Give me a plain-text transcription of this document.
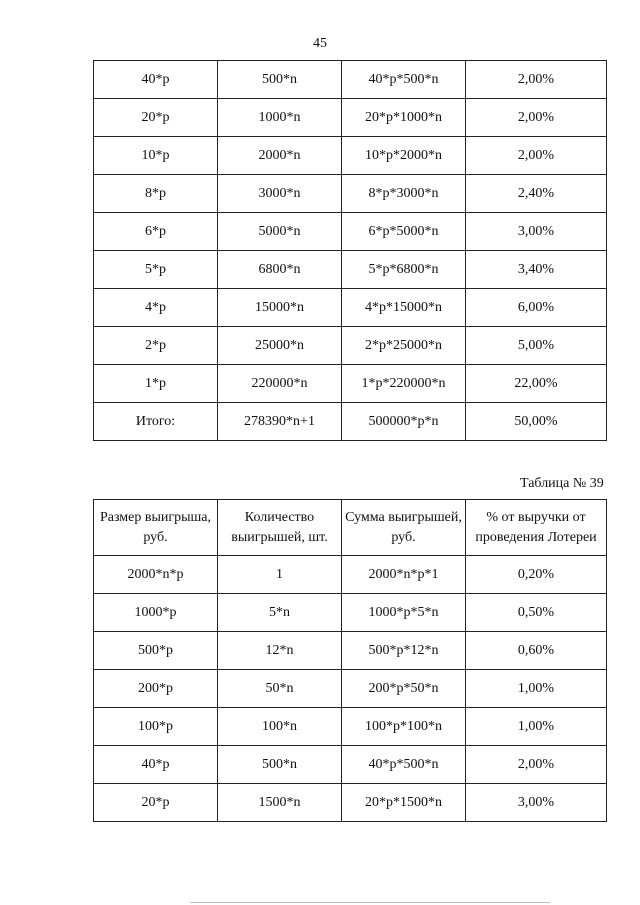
45
40*р	500*n	40*р*500*n	2,00%
20*р	1000*n	20*р*1000*n	2,00%
10*р	2000*n	10*р*2000*n	2,00%
8*р	3000*n	8*р*3000*n	2,40%
6*р	5000*n	6*р*5000*n	3,00%
5*р	6800*n	5*р*6800*n	3,40%
4*р	15000*n	4*р*15000*n	6,00%
2*р	25000*n	2*р*25000*n	5,00%
1*р	220000*n	1*р*220000*n	22,00%
Итого:	278390*n+1	500000*р*n	50,00%
Таблица № 39
Размер выигрыша, руб.	Количество выигрышей, шт.	Сумма выигрышей, руб.	% от выручки от проведения Лотереи
2000*n*р	1	2000*n*р*1	0,20%
1000*р	5*n	1000*р*5*n	0,50%
500*р	12*n	500*р*12*n	0,60%
200*р	50*n	200*р*50*n	1,00%
100*р	100*n	100*р*100*n	1,00%
40*р	500*n	40*р*500*n	2,00%
20*р	1500*n	20*р*1500*n	3,00%
